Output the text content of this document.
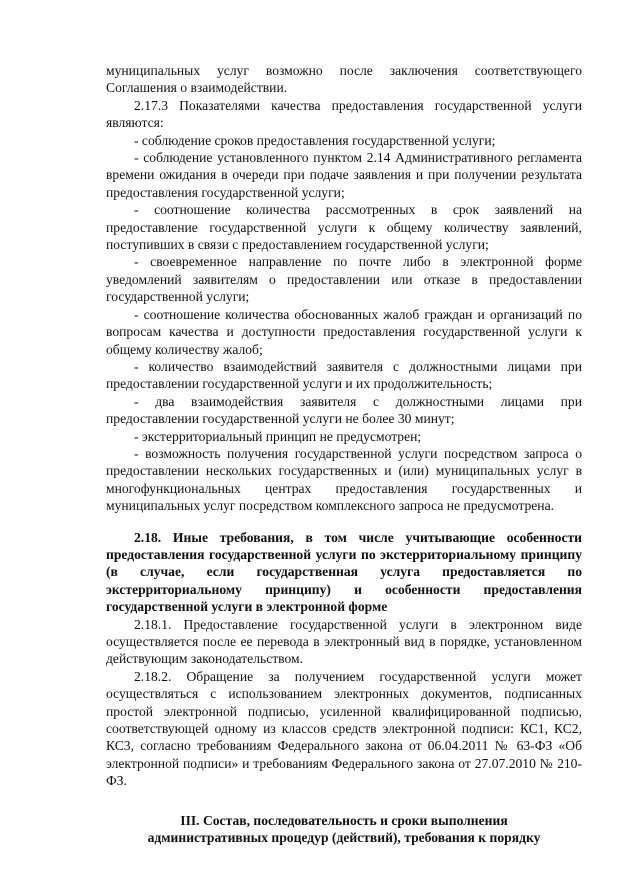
муниципальных услуг возможно после заключения соответствующего Соглашения о взаимодействии.

2.17.3 Показателями качества предоставления государственной услуги являются:

- соблюдение сроков предоставления государственной услуги;

- соблюдение установленного пунктом 2.14 Административного регламента времени ожидания в очереди при подаче заявления и при получении результата предоставления государственной услуги;

- соотношение количества рассмотренных в срок заявлений на предоставление государственной услуги к общему количеству заявлений, поступивших в связи с предоставлением государственной услуги;

- своевременное направление по почте либо в электронной форме уведомлений заявителям о предоставлении или отказе в предоставлении государственной услуги;

- соотношение количества обоснованных жалоб граждан и организаций по вопросам качества и доступности предоставления государственной услуги к общему количеству жалоб;

- количество взаимодействий заявителя с должностными лицами при предоставлении государственной услуги и их продолжительность;

- два взаимодействия заявителя с должностными лицами при предоставлении государственной услуги не более 30 минут;

- экстерриториальный принцип не предусмотрен;

- возможность получения государственной услуги посредством запроса о предоставлении нескольких государственных и (или) муниципальных услуг в многофункциональных центрах предоставления государственных и муниципальных услуг посредством комплексного запроса не предусмотрена.

2.18. Иные требования, в том числе учитывающие особенности предоставления государственной услуги по экстерриториальному принципу (в случае, если государственная услуга предоставляется по экстерриториальному принципу) и особенности предоставления государственной услуги в электронной форме

2.18.1. Предоставление государственной услуги в электронном виде осуществляется после ее перевода в электронный вид в порядке, установленном действующим законодательством.

2.18.2. Обращение за получением государственной услуги может осуществляться с использованием электронных документов, подписанных простой электронной подписью, усиленной квалифицированной подписью, соответствующей одному из классов средств электронной подписи: КС1, КС2, КС3, согласно требованиям Федерального закона от 06.04.2011 № 63-ФЗ «Об электронной подписи» и требованиям Федерального закона от 27.07.2010 № 210-ФЗ.

III. Состав, последовательность и сроки выполнения

административных процедур (действий), требования к порядку
